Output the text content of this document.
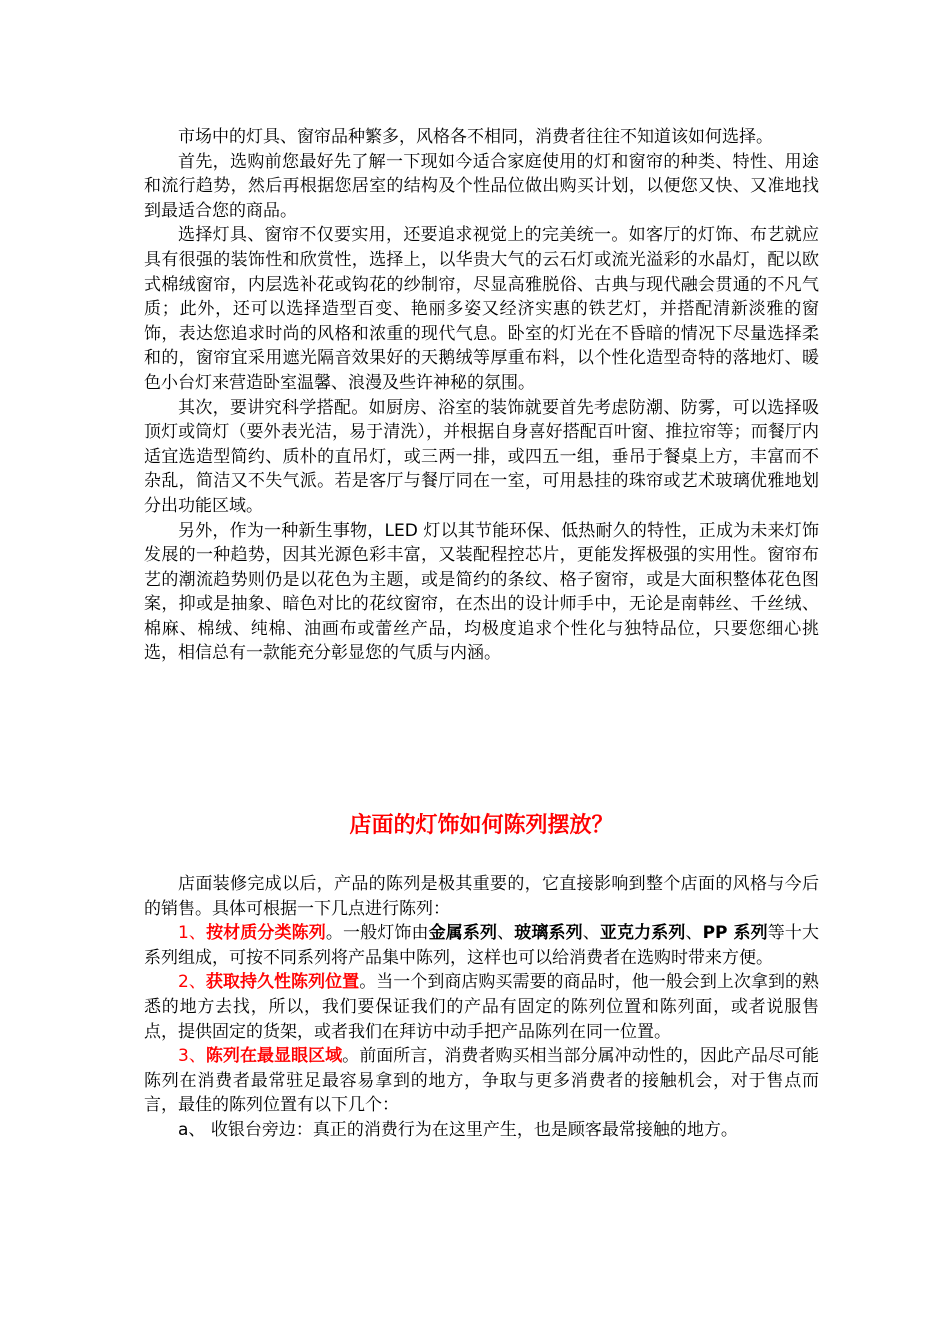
市场中的灯具、窗帘品种繁多，风格各不相同，消费者往往不知道该如何选择。

首先，选购前您最好先了解一下现如今适合家庭使用的灯和窗帘的种类、特性、用途和流行趋势，然后再根据您居室的结构及个性品位做出购买计划，以便您又快、又准地找到最适合您的商品。

选择灯具、窗帘不仅要实用，还要追求视觉上的完美统一。如客厅的灯饰、布艺就应具有很强的装饰性和欣赏性，选择上，以华贵大气的云石灯或流光溢彩的水晶灯，配以欧式棉绒窗帘，内层选补花或钩花的纱制帘，尽显高雅脱俗、古典与现代融会贯通的不凡气质；此外，还可以选择造型百变、艳丽多姿又经济实惠的铁艺灯，并搭配清新淡雅的窗饰，表达您追求时尚的风格和浓重的现代气息。卧室的灯光在不昏暗的情况下尽量选择柔和的，窗帘宜采用遮光隔音效果好的天鹅绒等厚重布料，以个性化造型奇特的落地灯、暖色小台灯来营造卧室温馨、浪漫及些许神秘的氛围。

其次，要讲究科学搭配。如厨房、浴室的装饰就要首先考虑防潮、防雾，可以选择吸顶灯或筒灯（要外表光洁，易于清洗），并根据自身喜好搭配百叶窗、推拉帘等；而餐厅内适宜选造型简约、质朴的直吊灯，或三两一排，或四五一组，垂吊于餐桌上方，丰富而不杂乱，简洁又不失气派。若是客厅与餐厅同在一室，可用悬挂的珠帘或艺术玻璃优雅地划分出功能区域。

另外，作为一种新生事物，LED 灯以其节能环保、低热耐久的特性，正成为未来灯饰发展的一种趋势，因其光源色彩丰富，又装配程控芯片，更能发挥极强的实用性。窗帘布艺的潮流趋势则仍是以花色为主题，或是简约的条纹、格子窗帘，或是大面积整体花色图案，抑或是抽象、暗色对比的花纹窗帘，在杰出的设计师手中，无论是南韩丝、千丝绒、棉麻、棉绒、纯棉、油画布或蕾丝产品，均极度追求个性化与独特品位，只要您细心挑选，相信总有一款能充分彰显您的气质与内涵。

店面的灯饰如何陈列摆放？

店面装修完成以后，产品的陈列是极其重要的，它直接影响到整个店面的风格与今后的销售。具体可根据一下几点进行陈列：

1、按材质分类陈列。一般灯饰由金属系列、玻璃系列、亚克力系列、PP 系列等十大系列组成，可按不同系列将产品集中陈列，这样也可以给消费者在选购时带来方便。

2、获取持久性陈列位置。当一个到商店购买需要的商品时，他一般会到上次拿到的熟悉的地方去找，所以，我们要保证我们的产品有固定的陈列位置和陈列面，或者说服售点，提供固定的货架，或者我们在拜访中动手把产品陈列在同一位置。

3、陈列在最显眼区域。前面所言，消费者购买相当部分属冲动性的，因此产品尽可能陈列在消费者最常驻足最容易拿到的地方，争取与更多消费者的接触机会，对于售点而言，最佳的陈列位置有以下几个：

a、 收银台旁边：真正的消费行为在这里产生，也是顾客最常接触的地方。
